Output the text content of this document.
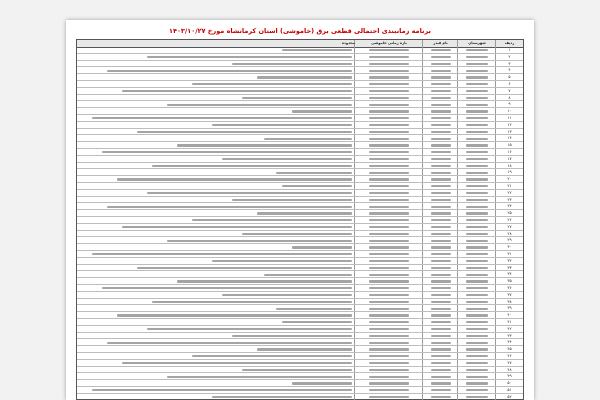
برنامه زمانبندی احتمالی قطعی برق (خاموشی) استان کرمانشاه مورخ ۱۴۰۳/۱۰/۲۷
ردیف
شهرستان
نام فیدر
بازه زمانی خاموشی
محدوده
۱
۲
۳
۴
۵
۶
۷
۸
۹
۱۰
۱۱
۱۲
۱۳
۱۴
۱۵
۱۶
۱۷
۱۸
۱۹
۲۰
۲۱
۲۲
۲۳
۲۴
۲۵
۲۶
۲۷
۲۸
۲۹
۳۰
۳۱
۳۲
۳۳
۳۴
۳۵
۳۶
۳۷
۳۸
۳۹
۴۰
۴۱
۴۲
۴۳
۴۴
۴۵
۴۶
۴۷
۴۸
۴۹
۵۰
۵۱
۵۲
